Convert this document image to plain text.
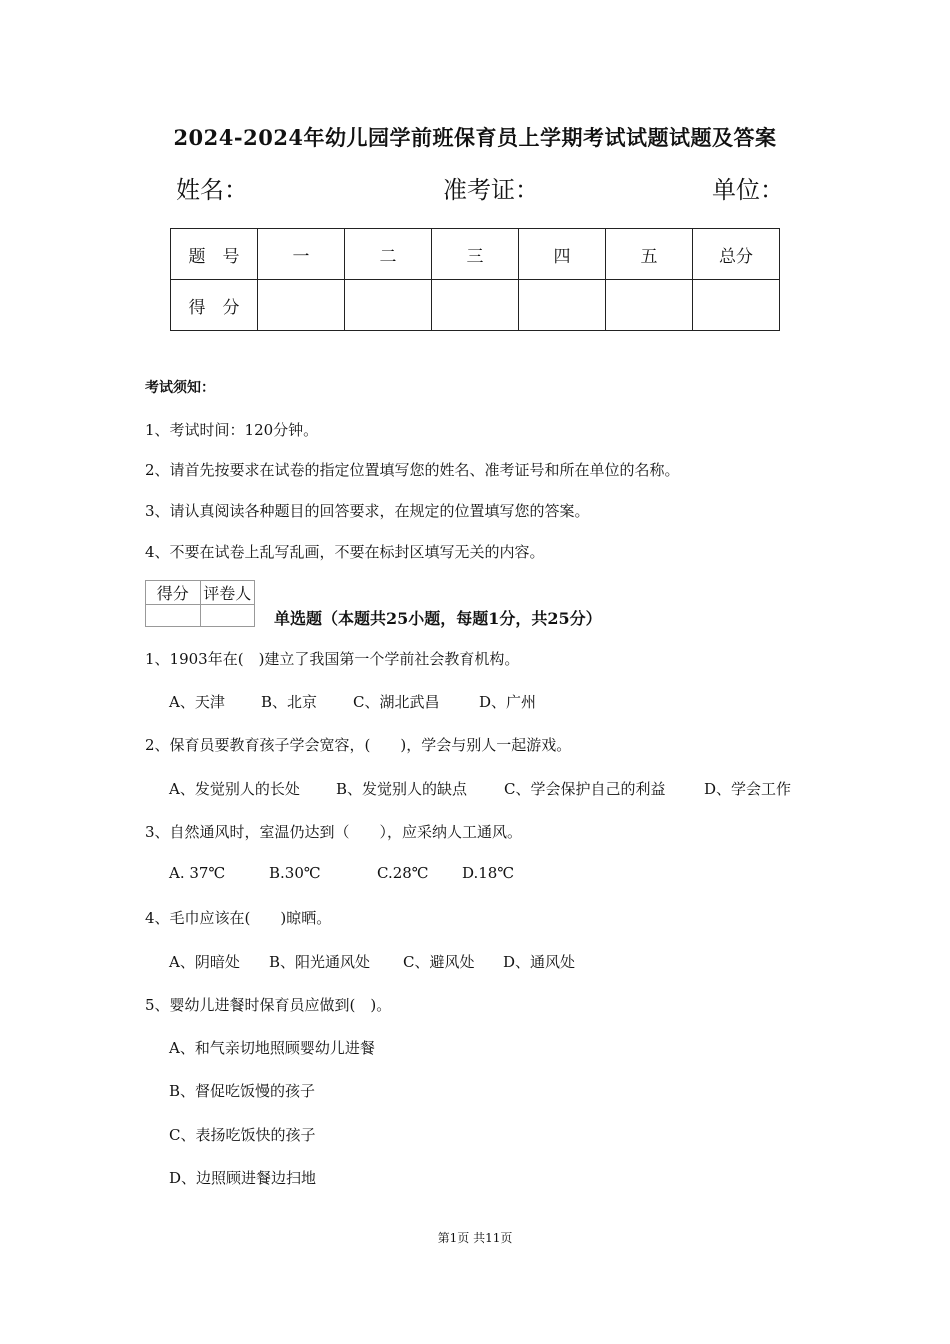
2024-2024年幼儿园学前班保育员上学期考试试题试题及答案
姓名：	准考证：	单位：
题　号	一	二	三	四	五	总分
得　分						
考试须知：
1、考试时间：120分钟。
2、请首先按要求在试卷的指定位置填写您的姓名、准考证号和所在单位的名称。
3、请认真阅读各种题目的回答要求，在规定的位置填写您的答案。
4、不要在试卷上乱写乱画，不要在标封区填写无关的内容。
得分	评卷人

单选题（本题共25小题，每题1分，共25分）
1、1903年在(　)建立了我国第一个学前社会教育机构。
A、天津 B、北京 C、湖北武昌	D、广州
2、保育员要教育孩子学会宽容，(　　)，学会与别人一起游戏。
A、发觉别人的长处 B、发觉别人的缺点 C、学会保护自己的利益	D、学会工作
3、自然通风时，室温仍达到（　　），应采纳人工通风。
A. 37℃	B.30℃	C.28℃ D.18℃
4、毛巾应该在(　　)晾晒。
A、阴暗处 B、阳光通风处 C、避风处 D、通风处
5、婴幼儿进餐时保育员应做到(　)。
A、和气亲切地照顾婴幼儿进餐
B、督促吃饭慢的孩子
C、表扬吃饭快的孩子
D、边照顾进餐边扫地
第1页 共11页
